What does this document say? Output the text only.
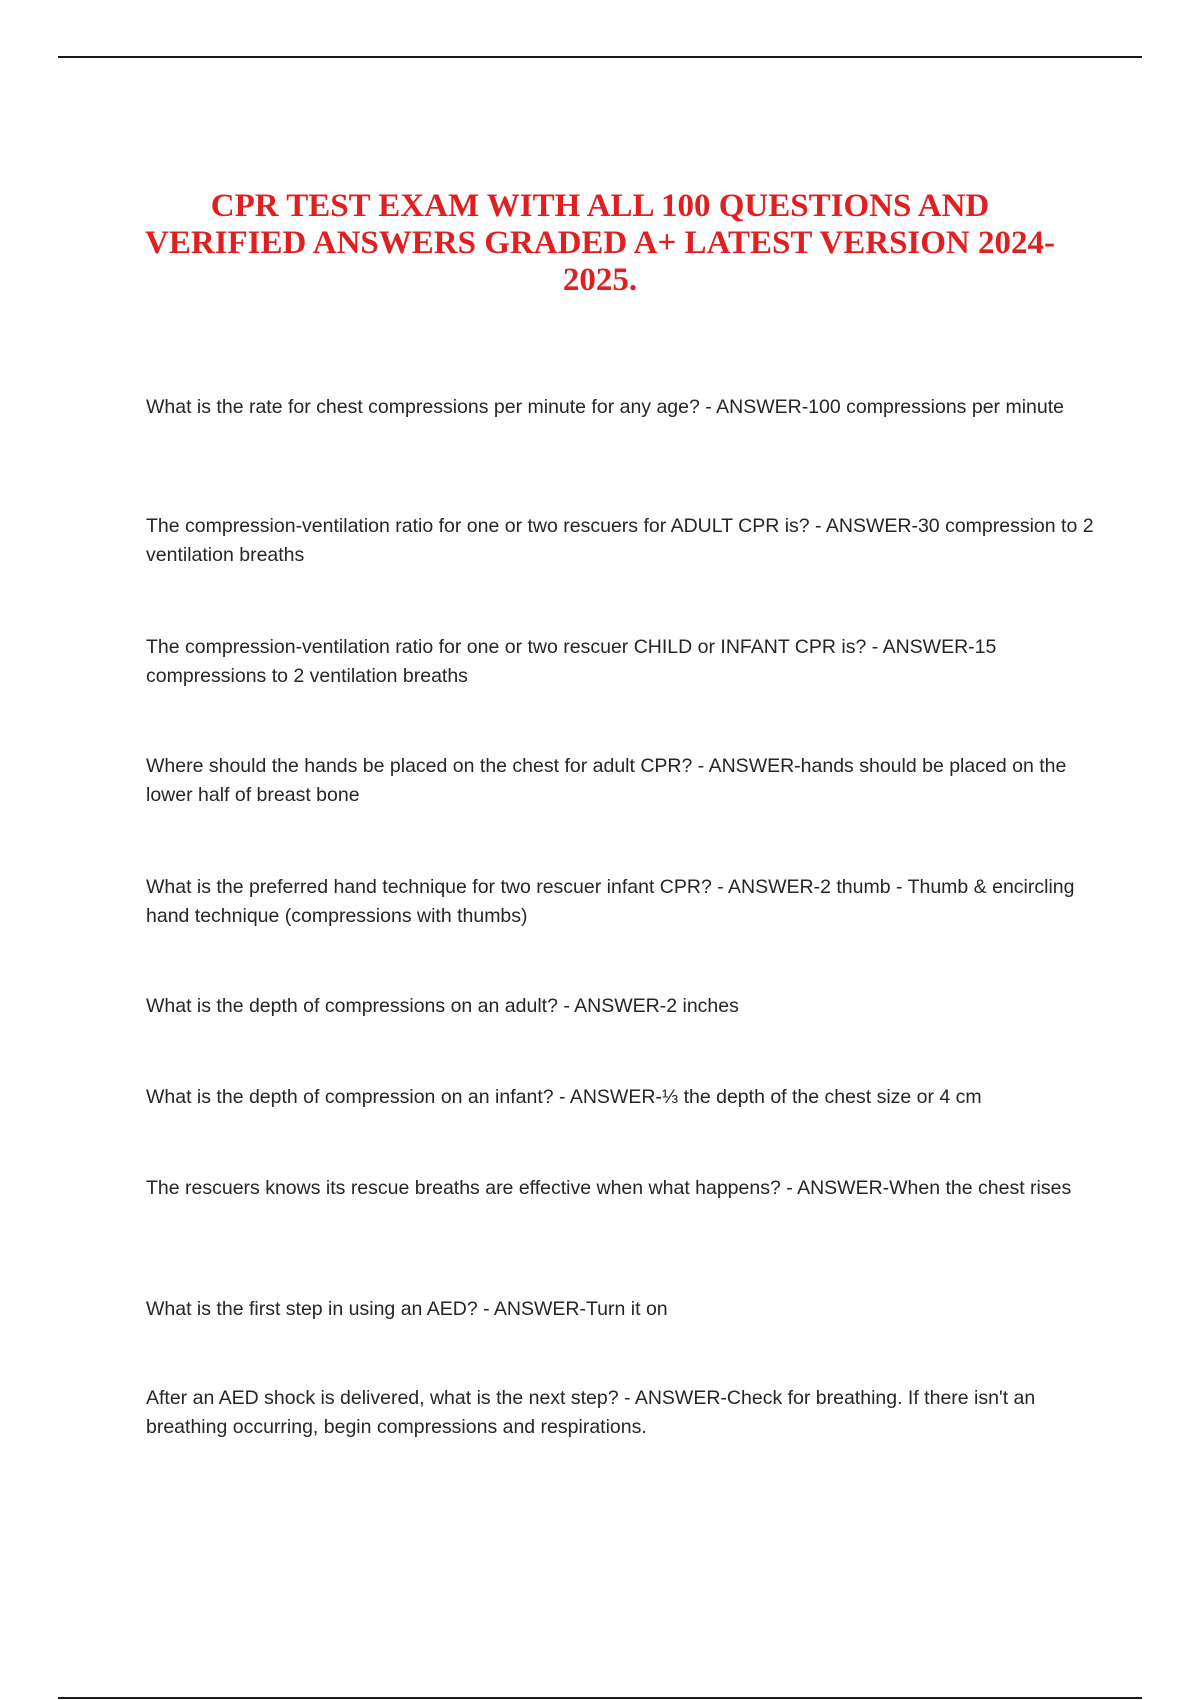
CPR TEST EXAM WITH ALL 100 QUESTIONS AND
VERIFIED ANSWERS GRADED A+ LATEST VERSION 2024-
2025.

What is the rate for chest compressions per minute for any age? - ANSWER-100 compressions per minute

The compression-ventilation ratio for one or two rescuers for ADULT CPR is? - ANSWER-30 compression to 2 ventilation breaths

The compression-ventilation ratio for one or two rescuer CHILD or INFANT CPR is? - ANSWER-15 compressions to 2 ventilation breaths

Where should the hands be placed on the chest for adult CPR? - ANSWER-hands should be placed on the lower half of breast bone

What is the preferred hand technique for two rescuer infant CPR? - ANSWER-2 thumb - Thumb & encircling hand technique (compressions with thumbs)

What is the depth of compressions on an adult? - ANSWER-2 inches

What is the depth of compression on an infant? - ANSWER-⅓ the depth of the chest size or 4 cm

The rescuers knows its rescue breaths are effective when what happens? - ANSWER-When the chest rises

What is the first step in using an AED? - ANSWER-Turn it on

After an AED shock is delivered, what is the next step? - ANSWER-Check for breathing. If there isn't an breathing occurring, begin compressions and respirations.
